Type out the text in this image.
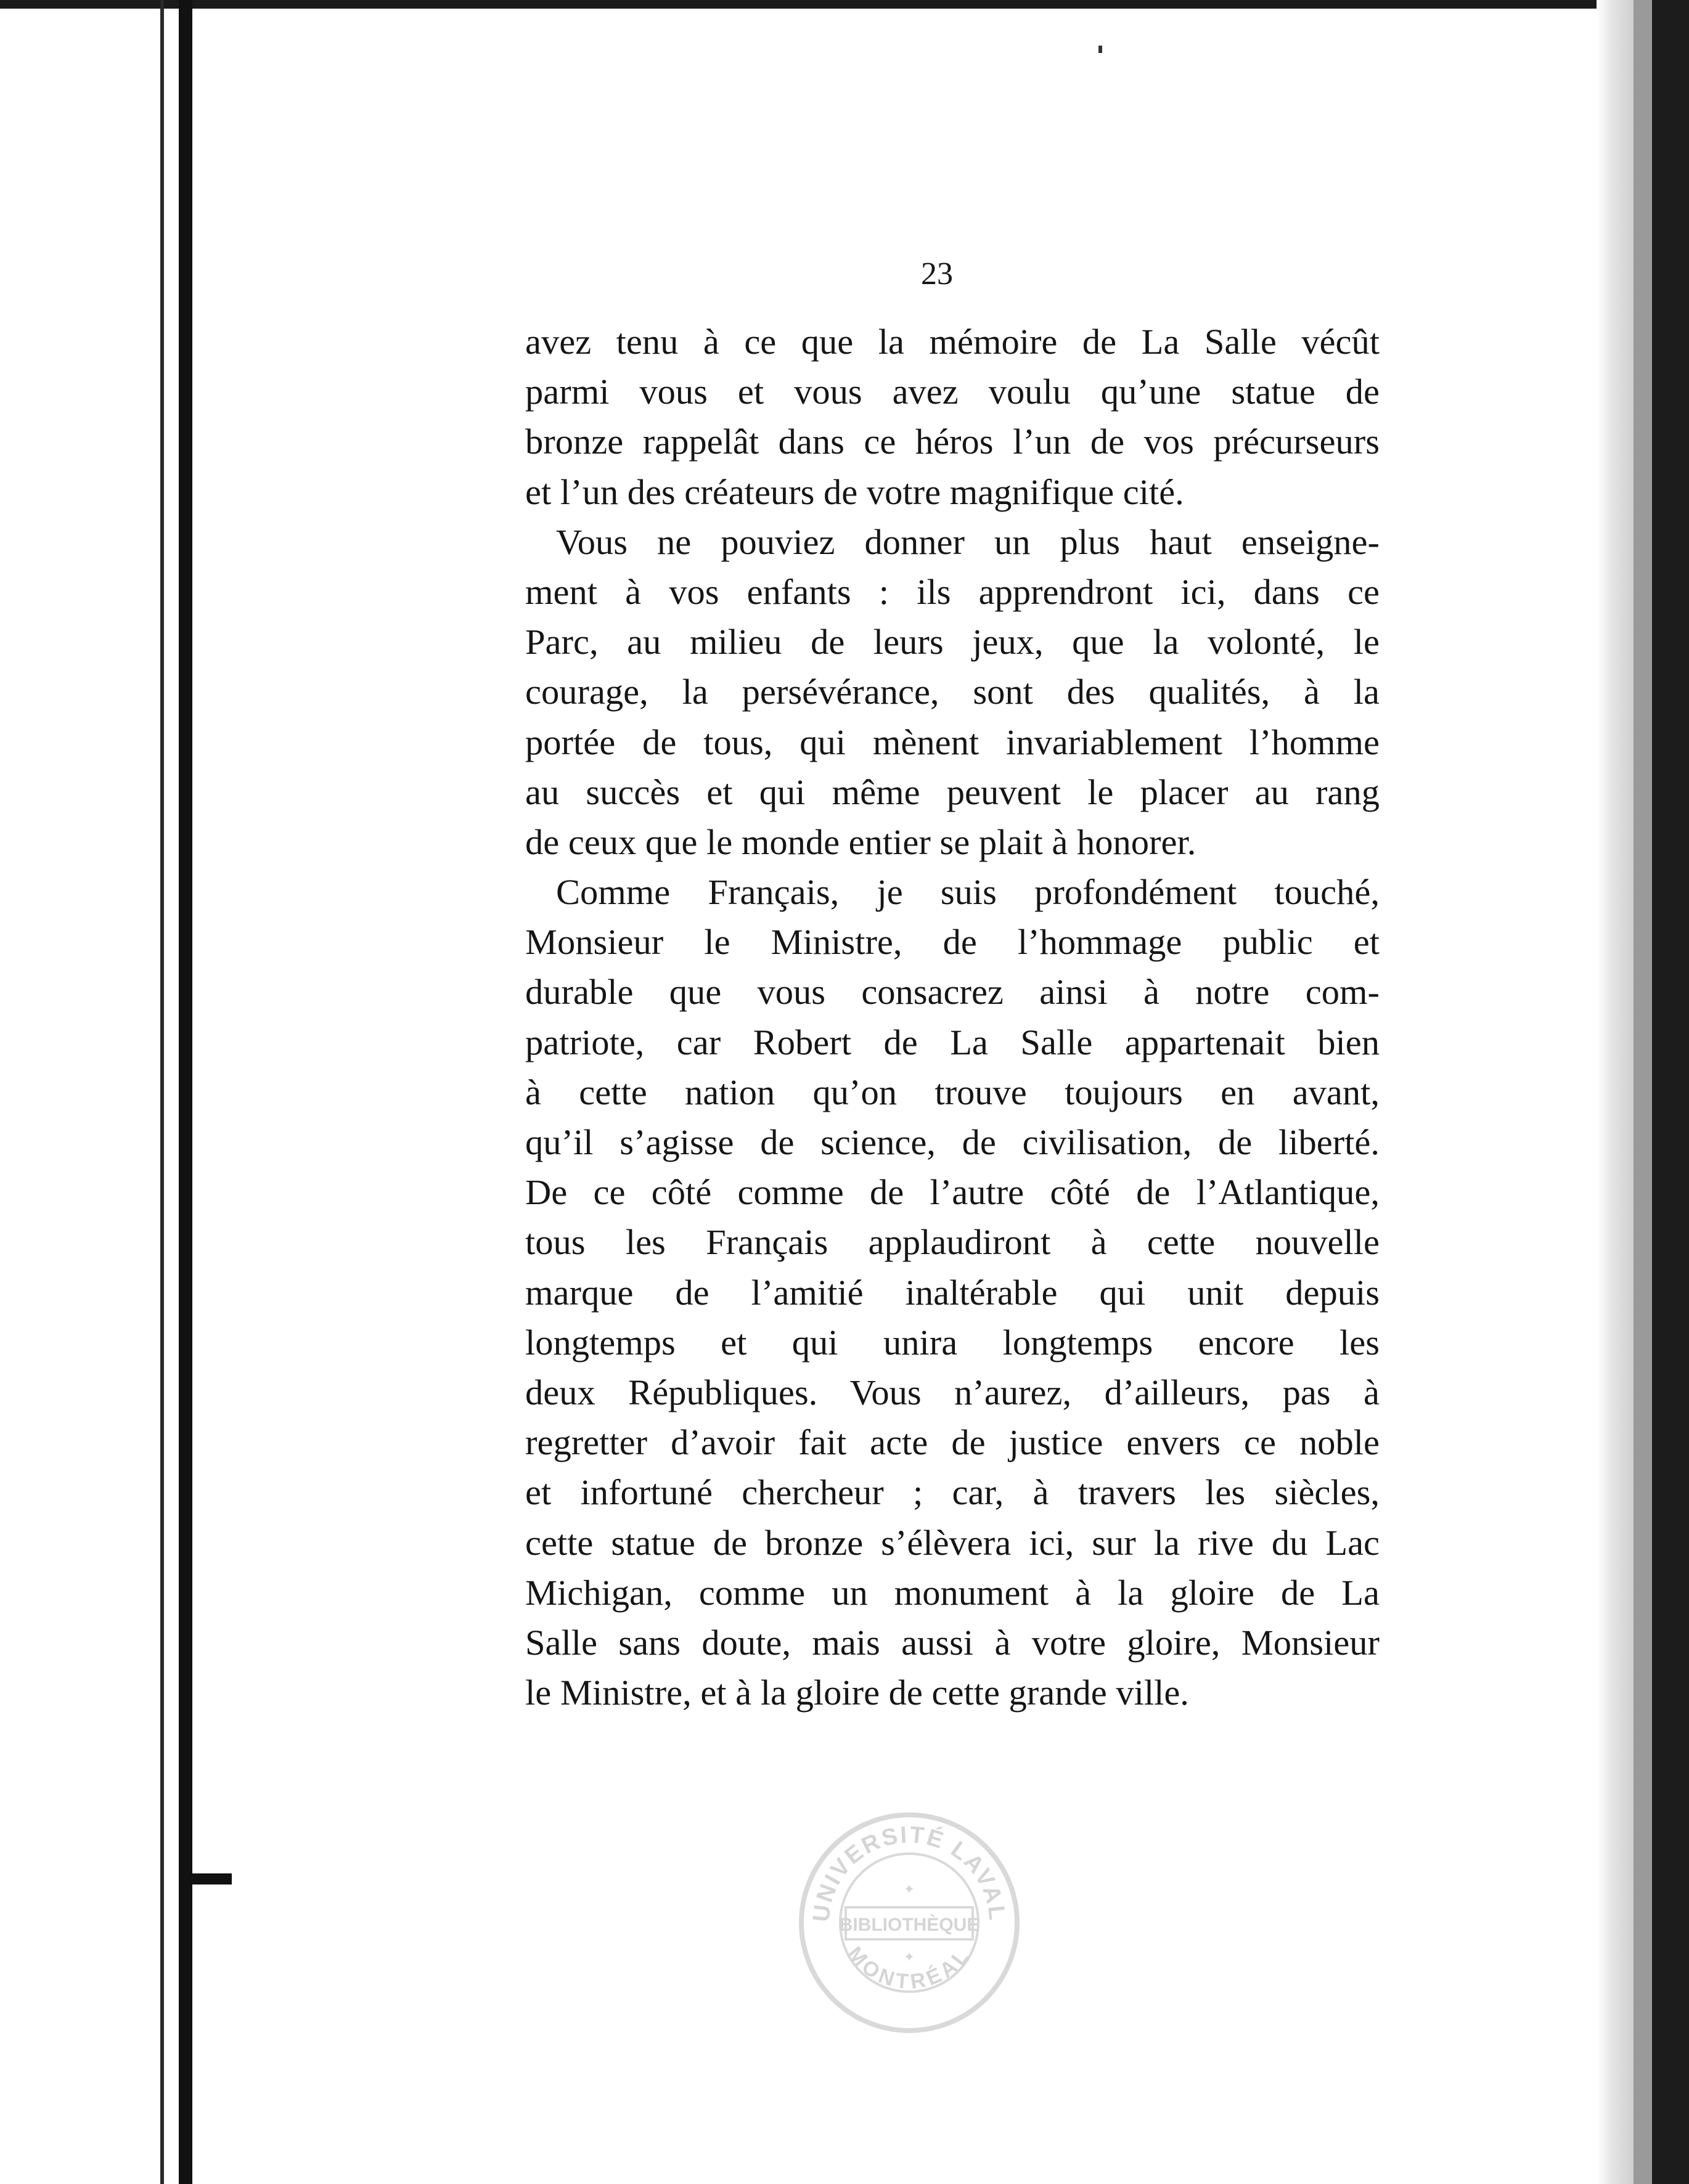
23
avez tenu à ce que la mémoire de La Salle vécût
parmi vous et vous avez voulu qu’une statue de
bronze rappelât dans ce héros l’un de vos précurseurs
et l’un des créateurs de votre magnifique cité.
Vous ne pouviez donner un plus haut enseigne-
ment à vos enfants : ils apprendront ici, dans ce
Parc, au milieu de leurs jeux, que la volonté, le
courage, la persévérance, sont des qualités, à la
portée de tous, qui mènent invariablement l’homme
au succès et qui même peuvent le placer au rang
de ceux que le monde entier se plait à honorer.
Comme Français, je suis profondément touché,
Monsieur le Ministre, de l’hommage public et
durable que vous consacrez ainsi à notre com-
patriote, car Robert de La Salle appartenait bien
à cette nation qu’on trouve toujours en avant,
qu’il s’agisse de science, de civilisation, de liberté.
De ce côté comme de l’autre côté de l’Atlantique,
tous les Français applaudiront à cette nouvelle
marque de l’amitié inaltérable qui unit depuis
longtemps et qui unira longtemps encore les
deux Républiques. Vous n’aurez, d’ailleurs, pas à
regretter d’avoir fait acte de justice envers ce noble
et infortuné chercheur ; car, à travers les siècles,
cette statue de bronze s’élèvera ici, sur la rive du Lac
Michigan, comme un monument à la gloire de La
Salle sans doute, mais aussi à votre gloire, Monsieur
le Ministre, et à la gloire de cette grande ville.
UNIVERSITÉ LAVAL
MONTRÉAL
BIBLIOTHÈQUE
✦
✦
